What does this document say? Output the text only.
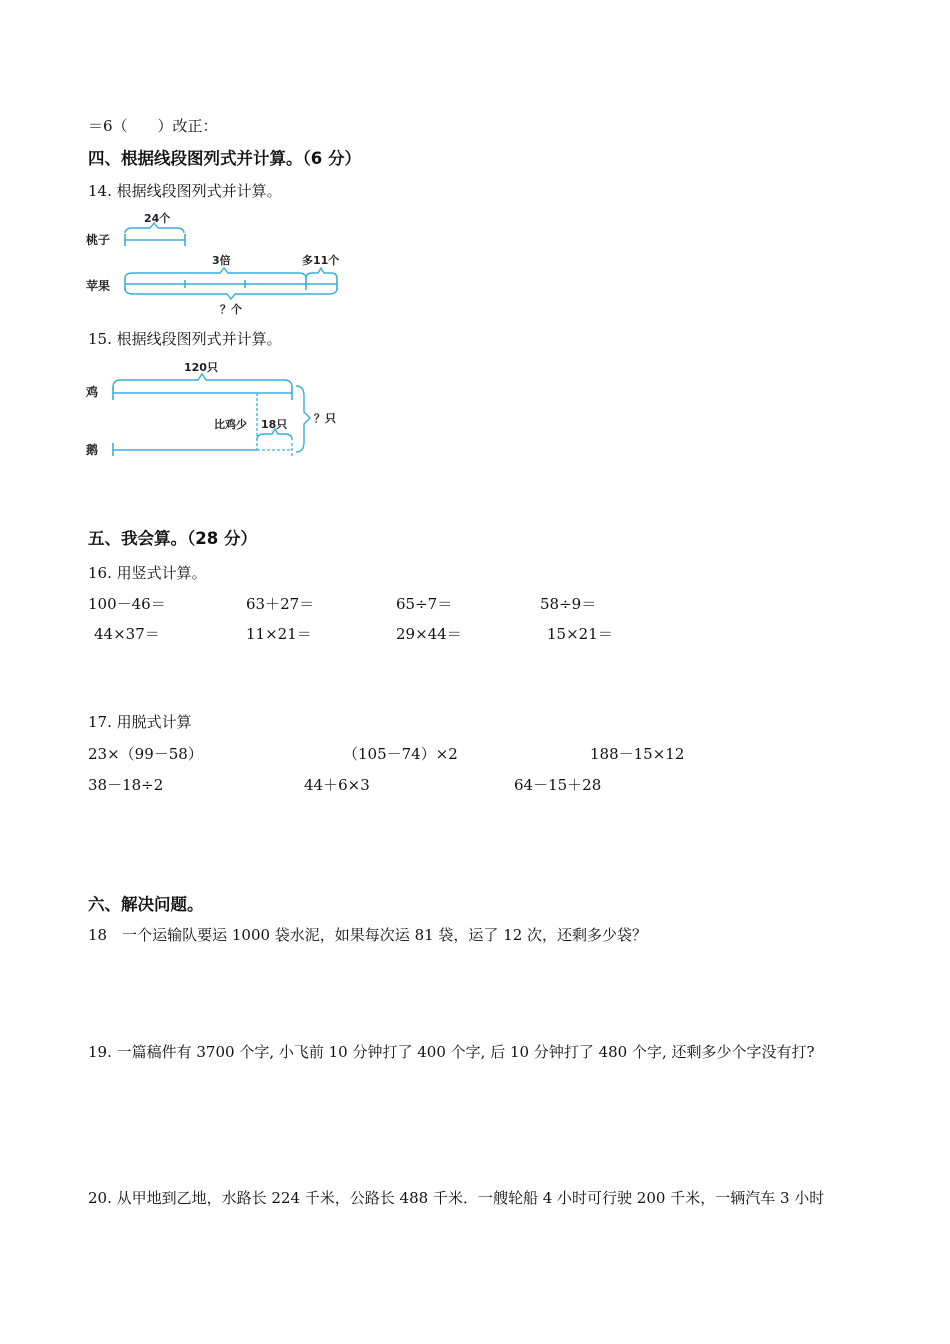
＝6（　　）改正：
四、根据线段图列式并计算。（6 分）
14. 根据线段图列式并计算。
桃子
24个
苹果
3倍	多11个
？个
15. 根据线段图列式并计算。
鸡
120只
比鸡少 18只
鹅
？只
五、我会算。（28 分）
16. 用竖式计算。
100－46＝	63＋27＝	65÷7＝	58÷9＝
44×37＝	11×21＝	29×44＝	15×21＝
17. 用脱式计算
23×（99－58）	（105－74）×2	188－15×12
38－18÷2	44＋6×3	64－15＋28
六、解决问题。
18　一个运输队要运 1000 袋水泥，如果每次运 81 袋，运了 12 次，还剩多少袋？
19. 一篇稿件有 3700 个字, 小飞前 10 分钟打了 400 个字, 后 10 分钟打了 480 个字, 还剩多少个字没有打?
20. 从甲地到乙地，水路长 224 千米，公路长 488 千米．一艘轮船 4 小时可行驶 200 千米，一辆汽车 3 小时
